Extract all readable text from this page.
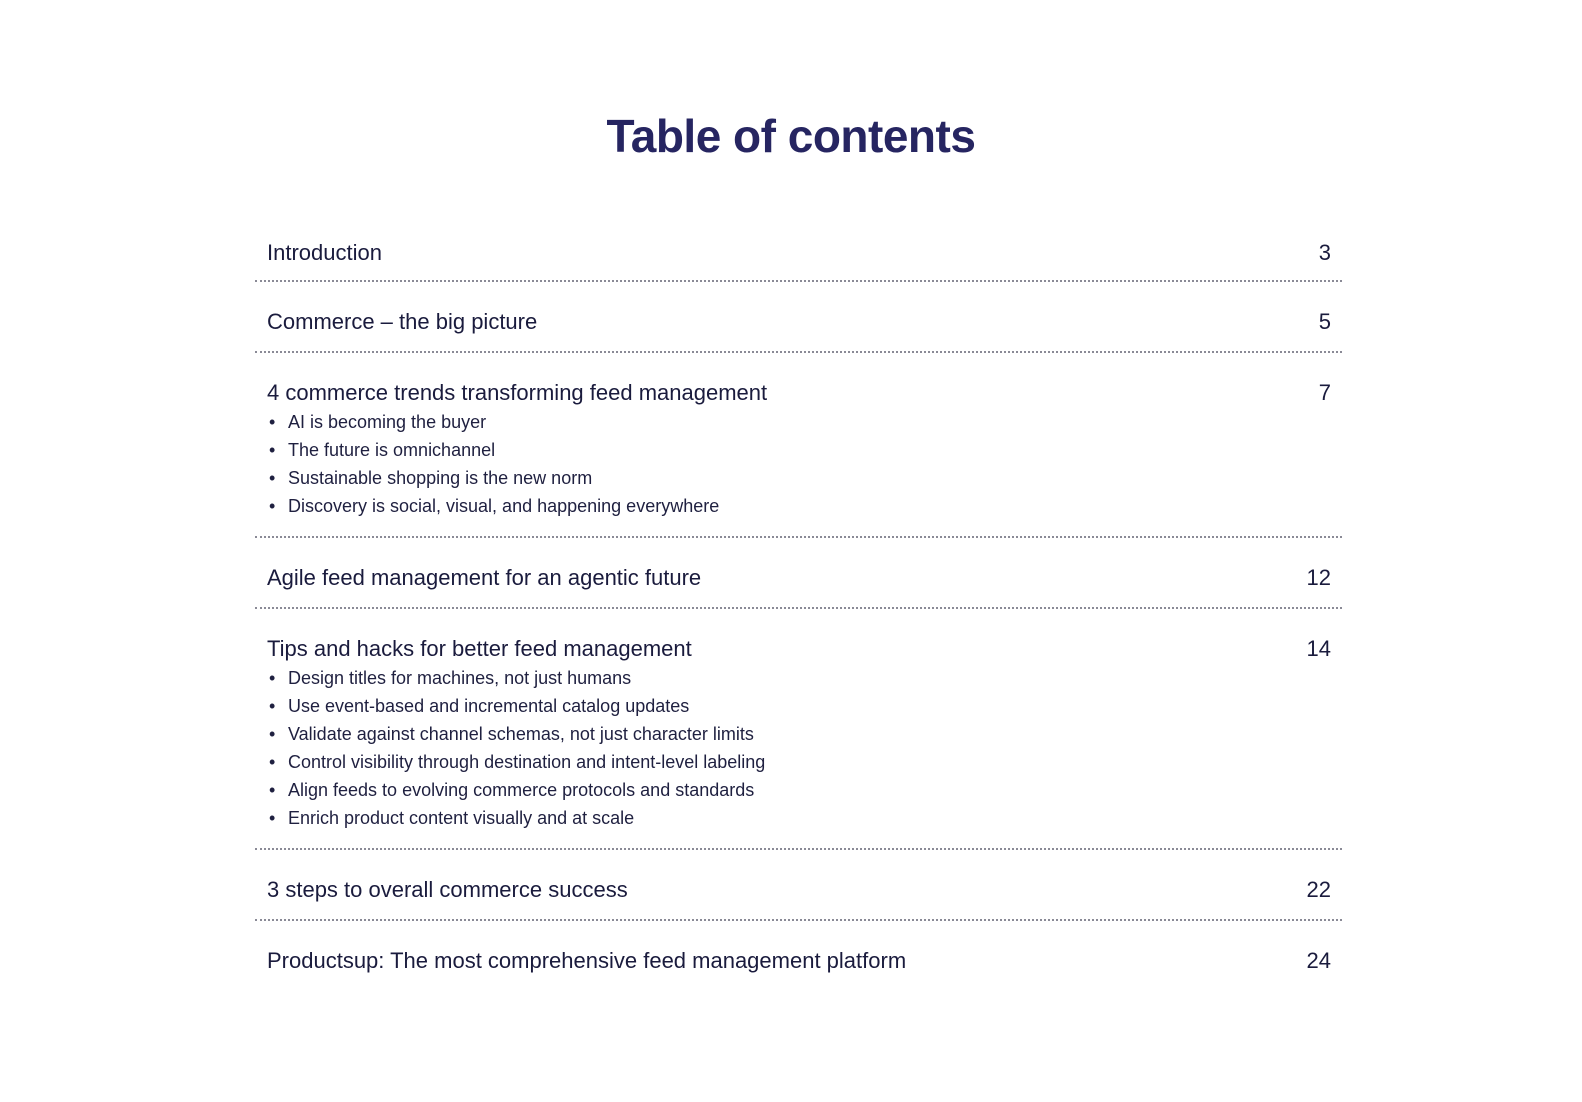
Table of contents
Introduction	3
Commerce – the big picture	5
4 commerce trends transforming feed management	7
• AI is becoming the buyer
• The future is omnichannel
• Sustainable shopping is the new norm
• Discovery is social, visual, and happening everywhere
Agile feed management for an agentic future	12
Tips and hacks for better feed management	14
• Design titles for machines, not just humans
• Use event-based and incremental catalog updates
• Validate against channel schemas, not just character limits
• Control visibility through destination and intent-level labeling
• Align feeds to evolving commerce protocols and standards
• Enrich product content visually and at scale
3 steps to overall commerce success	22
Productsup: The most comprehensive feed management platform	24
